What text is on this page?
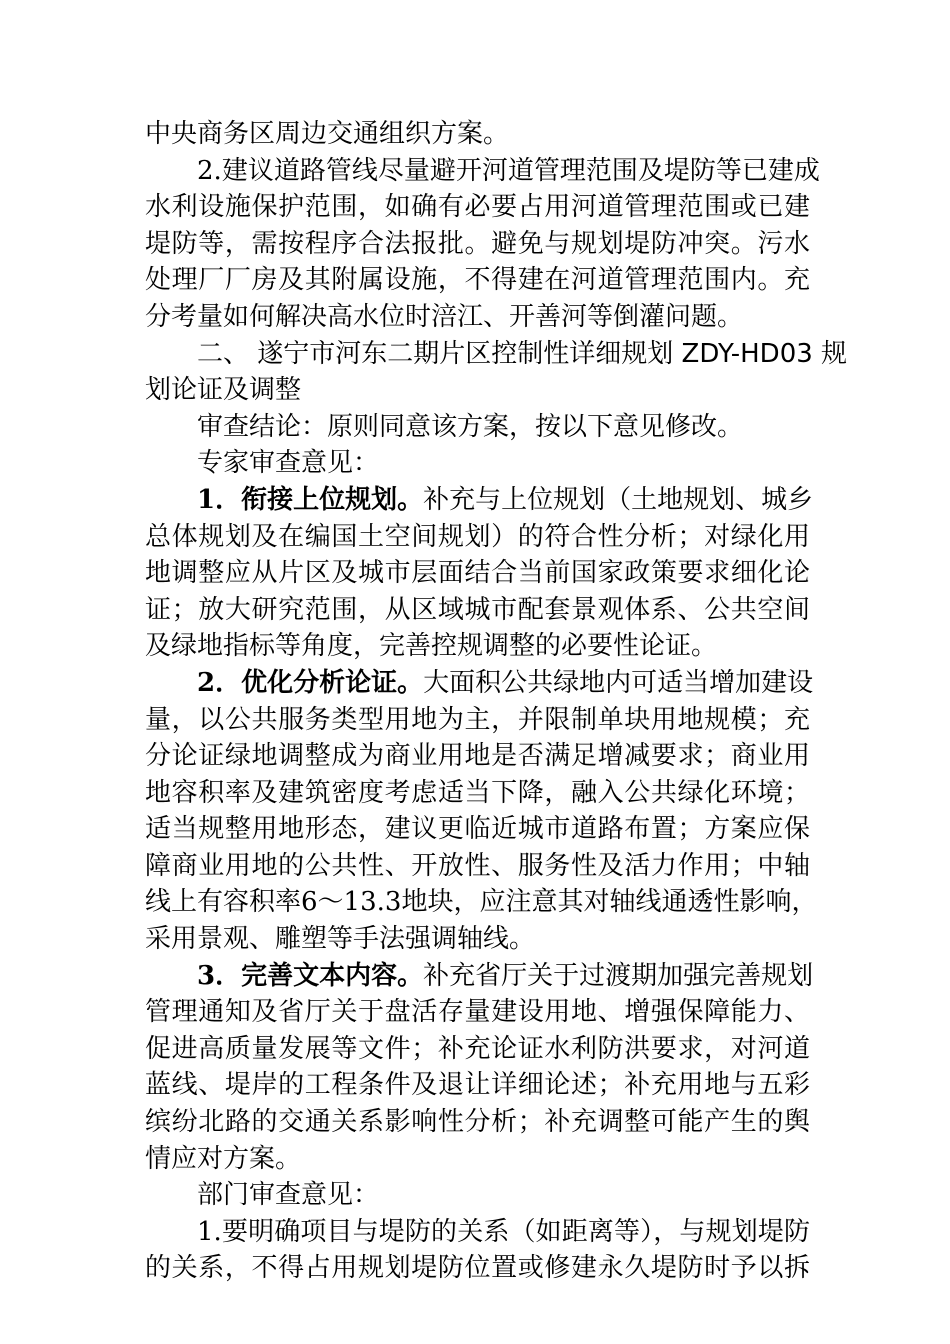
中央商务区周边交通组织方案。
2.建议道路管线尽量避开河道管理范围及堤防等已建成
水利设施保护范围，如确有必要占用河道管理范围或已建
堤防等，需按程序合法报批。避免与规划堤防冲突。污水
处理厂厂房及其附属设施，不得建在河道管理范围内。充
分考量如何解决高水位时涪江、开善河等倒灌问题。
二、 遂宁市河东二期片区控制性详细规划 ZDY-HD03 规
划论证及调整
审查结论：原则同意该方案，按以下意见修改。
专家审查意见：
1．衔接上位规划。补充与上位规划（土地规划、城乡
总体规划及在编国土空间规划）的符合性分析；对绿化用
地调整应从片区及城市层面结合当前国家政策要求细化论
证；放大研究范围，从区域城市配套景观体系、公共空间
及绿地指标等角度，完善控规调整的必要性论证。
2．优化分析论证。大面积公共绿地内可适当增加建设
量，以公共服务类型用地为主，并限制单块用地规模；充
分论证绿地调整成为商业用地是否满足增减要求；商业用
地容积率及建筑密度考虑适当下降，融入公共绿化环境；
适当规整用地形态，建议更临近城市道路布置；方案应保
障商业用地的公共性、开放性、服务性及活力作用；中轴
线上有容积率6～13.3地块，应注意其对轴线通透性影响，
采用景观、雕塑等手法强调轴线。
3．完善文本内容。补充省厅关于过渡期加强完善规划
管理通知及省厅关于盘活存量建设用地、增强保障能力、
促进高质量发展等文件；补充论证水利防洪要求，对河道
蓝线、堤岸的工程条件及退让详细论述；补充用地与五彩
缤纷北路的交通关系影响性分析；补充调整可能产生的舆
情应对方案。
部门审查意见：
1.要明确项目与堤防的关系（如距离等），与规划堤防
的关系，不得占用规划堤防位置或修建永久堤防时予以拆
